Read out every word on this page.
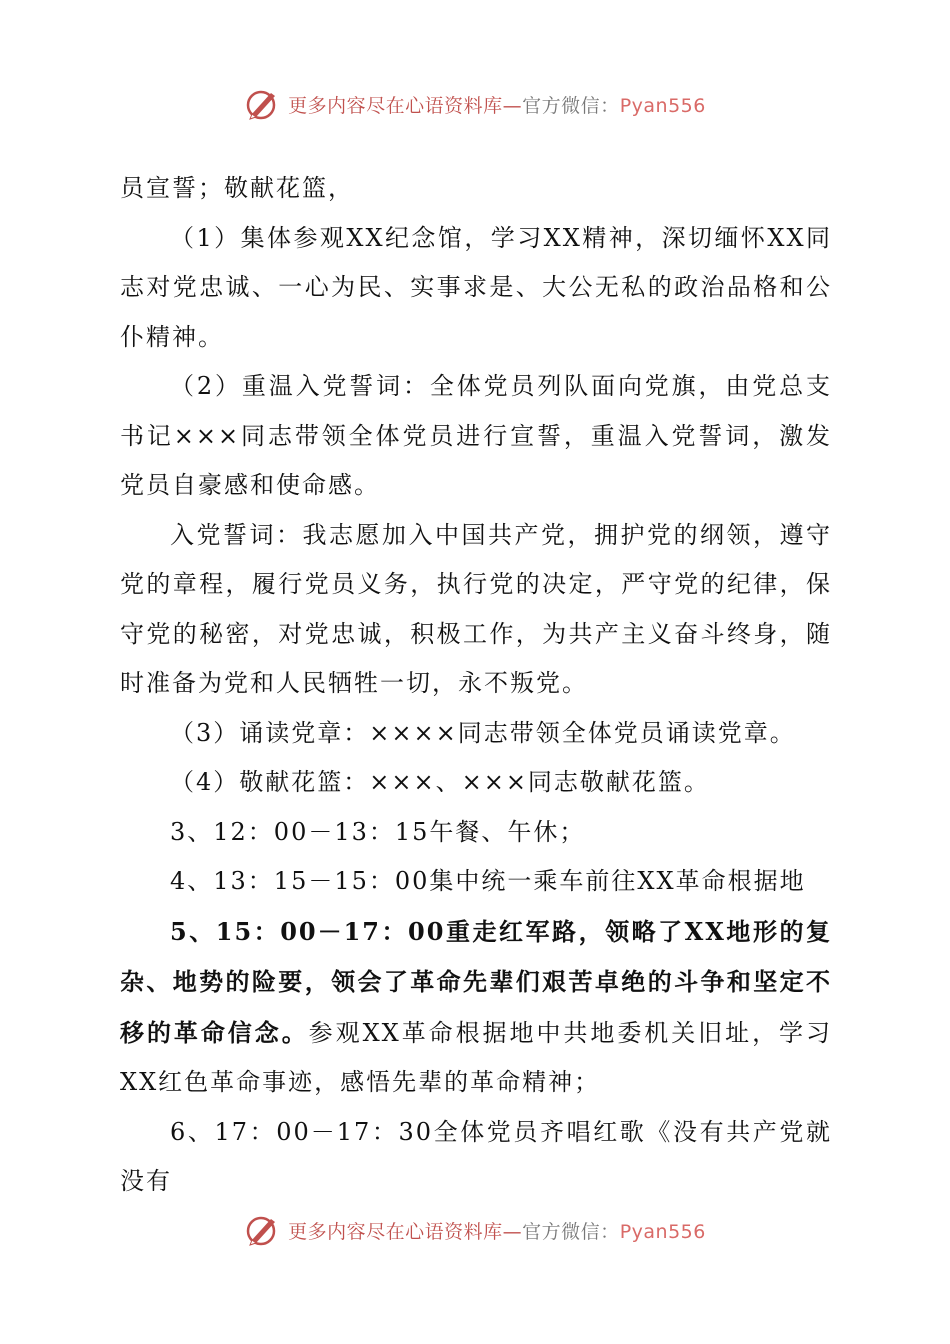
更多内容尽在心语资料库—官方微信：Pyan556

员宣誓；敬献花篮，

（1）集体参观XX纪念馆，学习XX精神，深切缅怀XX同志对党忠诚、一心为民、实事求是、大公无私的政治品格和公仆精神。

（2）重温入党誓词：全体党员列队面向党旗，由党总支书记×××同志带领全体党员进行宣誓，重温入党誓词，激发党员自豪感和使命感。

入党誓词：我志愿加入中国共产党，拥护党的纲领，遵守党的章程，履行党员义务，执行党的决定，严守党的纪律，保守党的秘密，对党忠诚，积极工作，为共产主义奋斗终身，随时准备为党和人民牺牲一切，永不叛党。

（3）诵读党章：××××同志带领全体党员诵读党章。

（4）敬献花篮：×××、×××同志敬献花篮。

3、12：00－13：15午餐、午休；

4、13：15－15：00集中统一乘车前往XX革命根据地

5、15：00－17：00重走红军路，领略了XX地形的复杂、地势的险要，领会了革命先辈们艰苦卓绝的斗争和坚定不移的革命信念。参观XX革命根据地中共地委机关旧址，学习XX红色革命事迹，感悟先辈的革命精神；

6、17：00－17：30全体党员齐唱红歌《没有共产党就没有

更多内容尽在心语资料库—官方微信：Pyan556
